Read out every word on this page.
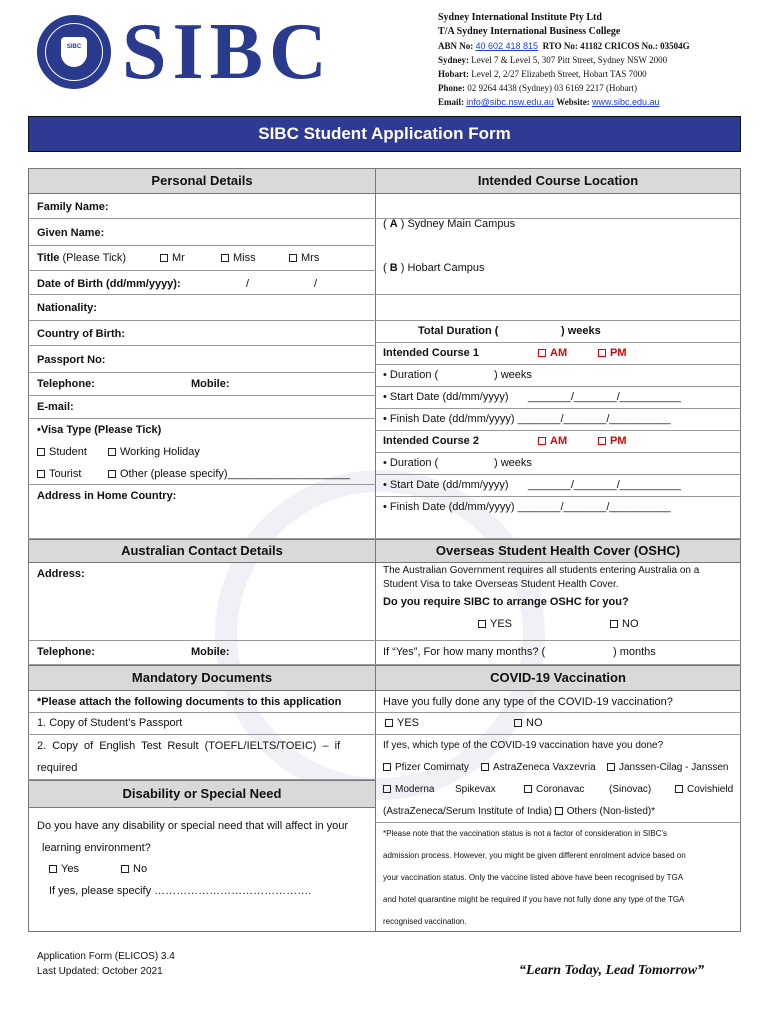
SIBC SIBC	Sydney International Institute Pty Ltd
T/A Sydney International Business College
ABN No: 40 602 418 815 RTO No: 41182 CRICOS No.: 03504G
Sydney: Level 7 & Level 5, 307 Pitt Street, Sydney NSW 2000
Hobart: Level 2, 2/27 Elizabeth Street, Hobart TAS 7000
Phone: 02 9264 4438 (Sydney) 03 6169 2217 (Hobart)
Email: info@sibc.nsw.edu.au Website: www.sibc.edu.au
SIBC Student Application Form
Personal Details	Intended Course Location
Family Name:
Given Name:
Title (Please Tick)	Mr	Miss	Mrs
Date of Birth (dd/mm/yyyy):	/	/
Nationality:
Country of Birth:
Passport No:
Telephone:	Mobile:
E-mail:
•Visa Type (Please Tick)
Student	Working Holiday
Tourist	Other (please specify)____________________
Address in Home Country:
( A ) Sydney Main Campus
( B ) Hobart Campus
Total Duration (	) weeks
Intended Course 1	AM	PM
• Duration (	) weeks
• Start Date (dd/mm/yyyy) _______/_______/__________
• Finish Date (dd/mm/yyyy) _______/_______/__________
Intended Course 2	AM	PM
• Duration (	) weeks
• Start Date (dd/mm/yyyy) _______/_______/__________
• Finish Date (dd/mm/yyyy) _______/_______/__________
Australian Contact Details	Overseas Student Health Cover (OSHC)
Address:
Telephone:	Mobile:
The Australian Government requires all students entering Australia on a
Student Visa to take Overseas Student Health Cover.
Do you require SIBC to arrange OSHC for you?
YES	NO
If “Yes”, For how many months? (	) months
Mandatory Documents	COVID-19 Vaccination
*Please attach the following documents to this application
1. Copy of Student’s Passport
2. Copy of English Test Result (TOEFL/IELTS/TOEIC) – if
required
Disability or Special Need
Do you have any disability or special need that will affect in your
learning environment?
Yes	No
If yes, please specify …………………………………….
Have you fully done any type of the COVID-19 vaccination?
YES	NO
If yes, which type of the COVID-19 vaccination have you done?
Pfizer Comirnaty	AstraZeneca Vaxzevria	Janssen-Cilag - Janssen
Moderna Spikevax	Coronavac (Sinovac)	Covishield
(AstraZeneca/Serum Institute of India) Others (Non-listed)*
*Please note that the vaccination status is not a factor of consideration in SIBC’s
admission process. However, you might be given different enrolment advice based on
your vaccination status. Only the vaccine listed above have been recognised by TGA
and hotel quarantine might be required if you have not fully done any type of the TGA
recognised vaccination.
Application Form (ELICOS) 3.4
Last Updated: October 2021	“Learn Today, Lead Tomorrow”
